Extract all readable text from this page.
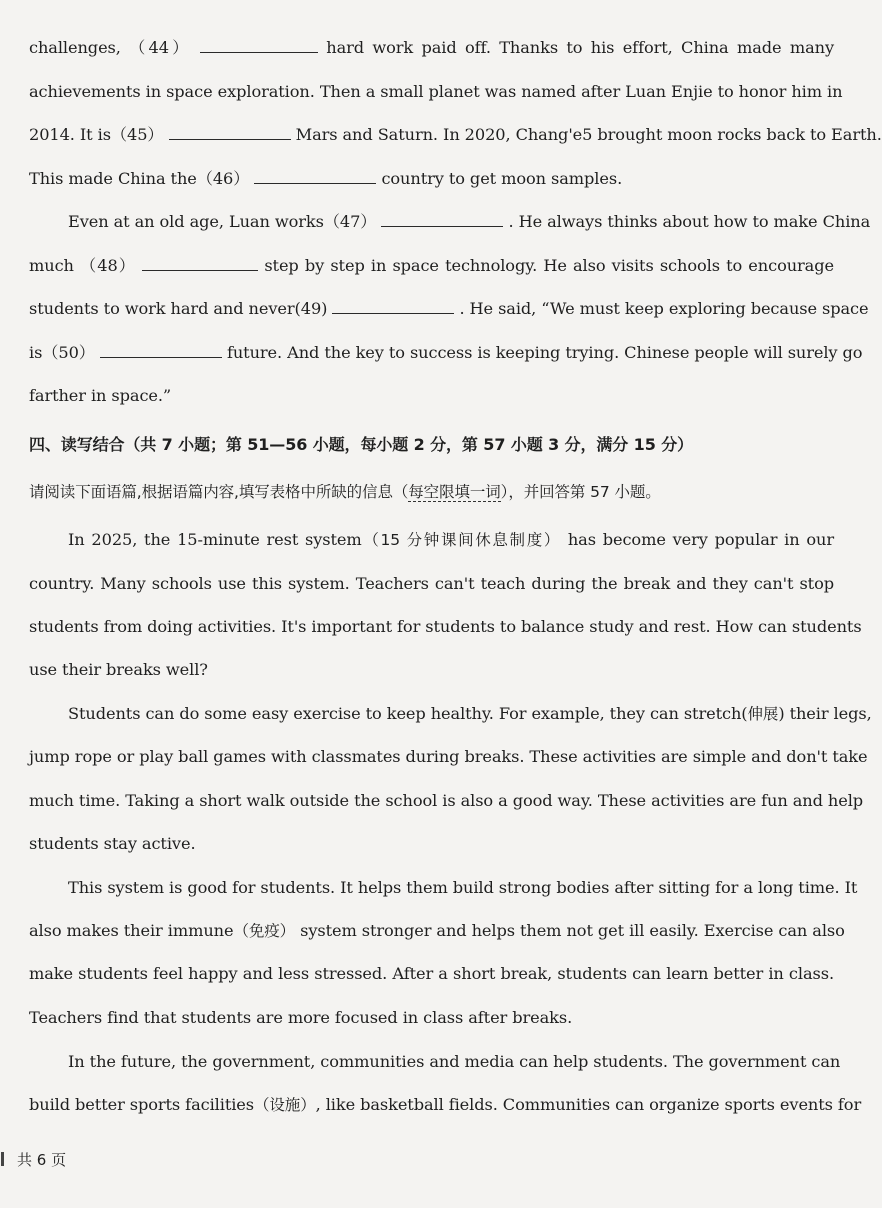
challenges, （44）	hard work paid off. Thanks to his effort, China made many
achievements in space exploration. Then a small planet was named after Luan Enjie to honor him in
2014. It is（45）	Mars and Saturn. In 2020, Chang'e5 brought moon rocks back to Earth.
This made China the（46）	country to get moon samples.
Even at an old age, Luan works（47）	. He always thinks about how to make China
much （48）	step by step in space technology. He also visits schools to encourage
students to work hard and never(49)	. He said, “We must keep exploring because space
is（50）	future. And the key to success is keeping trying. Chinese people will surely go
farther in space.”
四、读写结合（共 7 小题；第 51—56 小题，每小题 2 分，第 57 小题 3 分，满分 15 分）
请阅读下面语篇,根据语篇内容,填写表格中所缺的信息（每空限填一词），并回答第 57 小题。
In 2025, the 15-minute rest system（15 分钟课间休息制度） has become very popular in our
country. Many schools use this system. Teachers can't teach during the break and they can't stop
students from doing activities. It's important for students to balance study and rest. How can students
use their breaks well?
Students can do some easy exercise to keep healthy. For example, they can stretch(伸展) their legs,
jump rope or play ball games with classmates during breaks. These activities are simple and don't take
much time. Taking a short walk outside the school is also a good way. These activities are fun and help
students stay active.
This system is good for students. It helps them build strong bodies after sitting for a long time. It
also makes their immune（免疫） system stronger and helps them not get ill easily. Exercise can also
make students feel happy and less stressed. After a short break, students can learn better in class.
Teachers find that students are more focused in class after breaks.
In the future, the government, communities and media can help students. The government can
build better sports facilities（设施）, like basketball fields. Communities can organize sports events for
共 6 页
